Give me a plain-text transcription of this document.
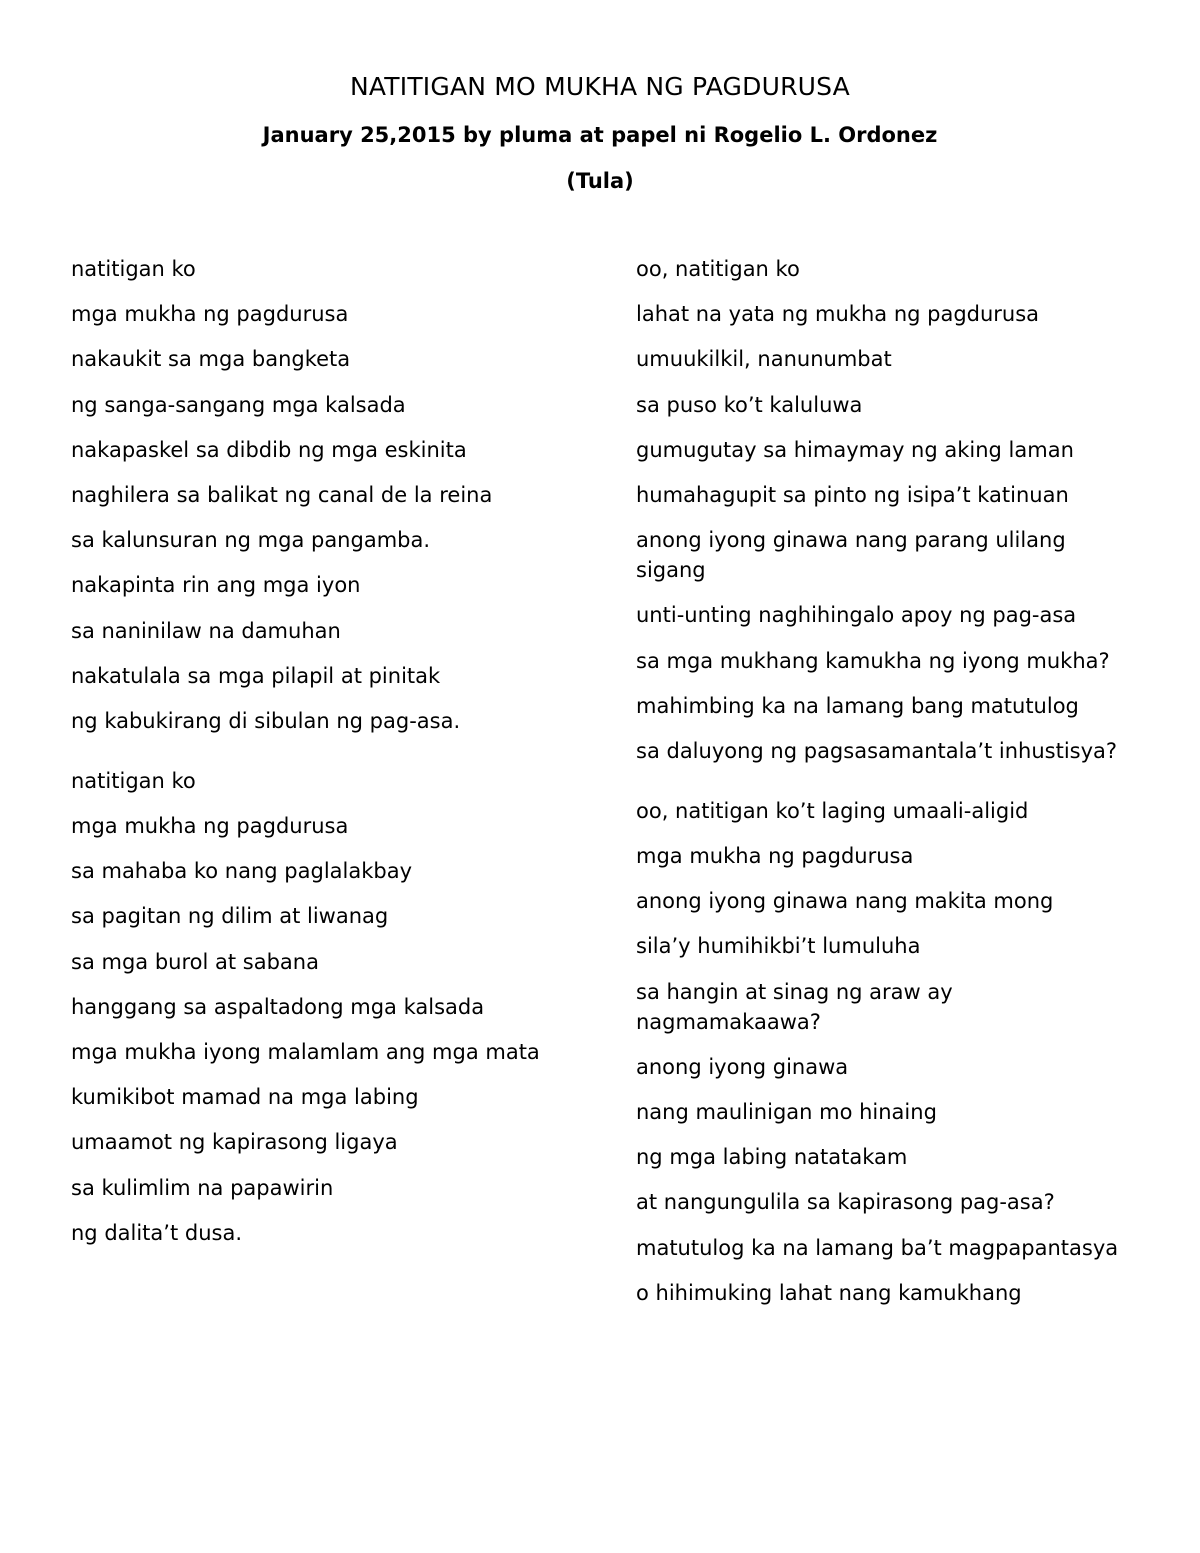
NATITIGAN MO MUKHA NG PAGDURUSA
January 25,2015 by pluma at papel ni Rogelio L. Ordonez
(Tula)
natitigan ko
mga mukha ng pagdurusa
nakaukit sa mga bangketa
ng sanga-sangang mga kalsada
nakapaskel sa dibdib ng mga eskinita
naghilera sa balikat ng canal de la reina
sa kalunsuran ng mga pangamba.
nakapinta rin ang mga iyon
sa naninilaw na damuhan
nakatulala sa mga pilapil at pinitak
ng kabukirang di sibulan ng pag-asa.
natitigan ko
mga mukha ng pagdurusa
sa mahaba ko nang paglalakbay
sa pagitan ng dilim at liwanag
sa mga burol at sabana
hanggang sa aspaltadong mga kalsada
mga mukha iyong malamlam ang mga mata
kumikibot mamad na mga labing
umaamot ng kapirasong ligaya
sa kulimlim na papawirin
ng dalita’t dusa.
oo, natitigan ko
lahat na yata ng mukha ng pagdurusa
umuukilkil, nanunumbat
sa puso ko’t kaluluwa
gumugutay sa himaymay ng aking laman
humahagupit sa pinto ng isipa’t katinuan
anong iyong ginawa nang parang ulilang sigang
unti-unting naghihingalo apoy ng pag-asa
sa mga mukhang kamukha ng iyong mukha?
mahimbing ka na lamang bang matutulog
sa daluyong ng pagsasamantala’t inhustisya?
oo, natitigan ko’t laging umaali-aligid
mga mukha ng pagdurusa
anong iyong ginawa nang makita mong
sila’y humihikbi’t lumuluha
sa hangin at sinag ng araw ay nagmamakaawa?
anong iyong ginawa
nang maulinigan mo hinaing
ng mga labing natatakam
at nangungulila sa kapirasong pag-asa?
matutulog ka na lamang ba’t magpapantasya
o hihimuking lahat nang kamukhang
